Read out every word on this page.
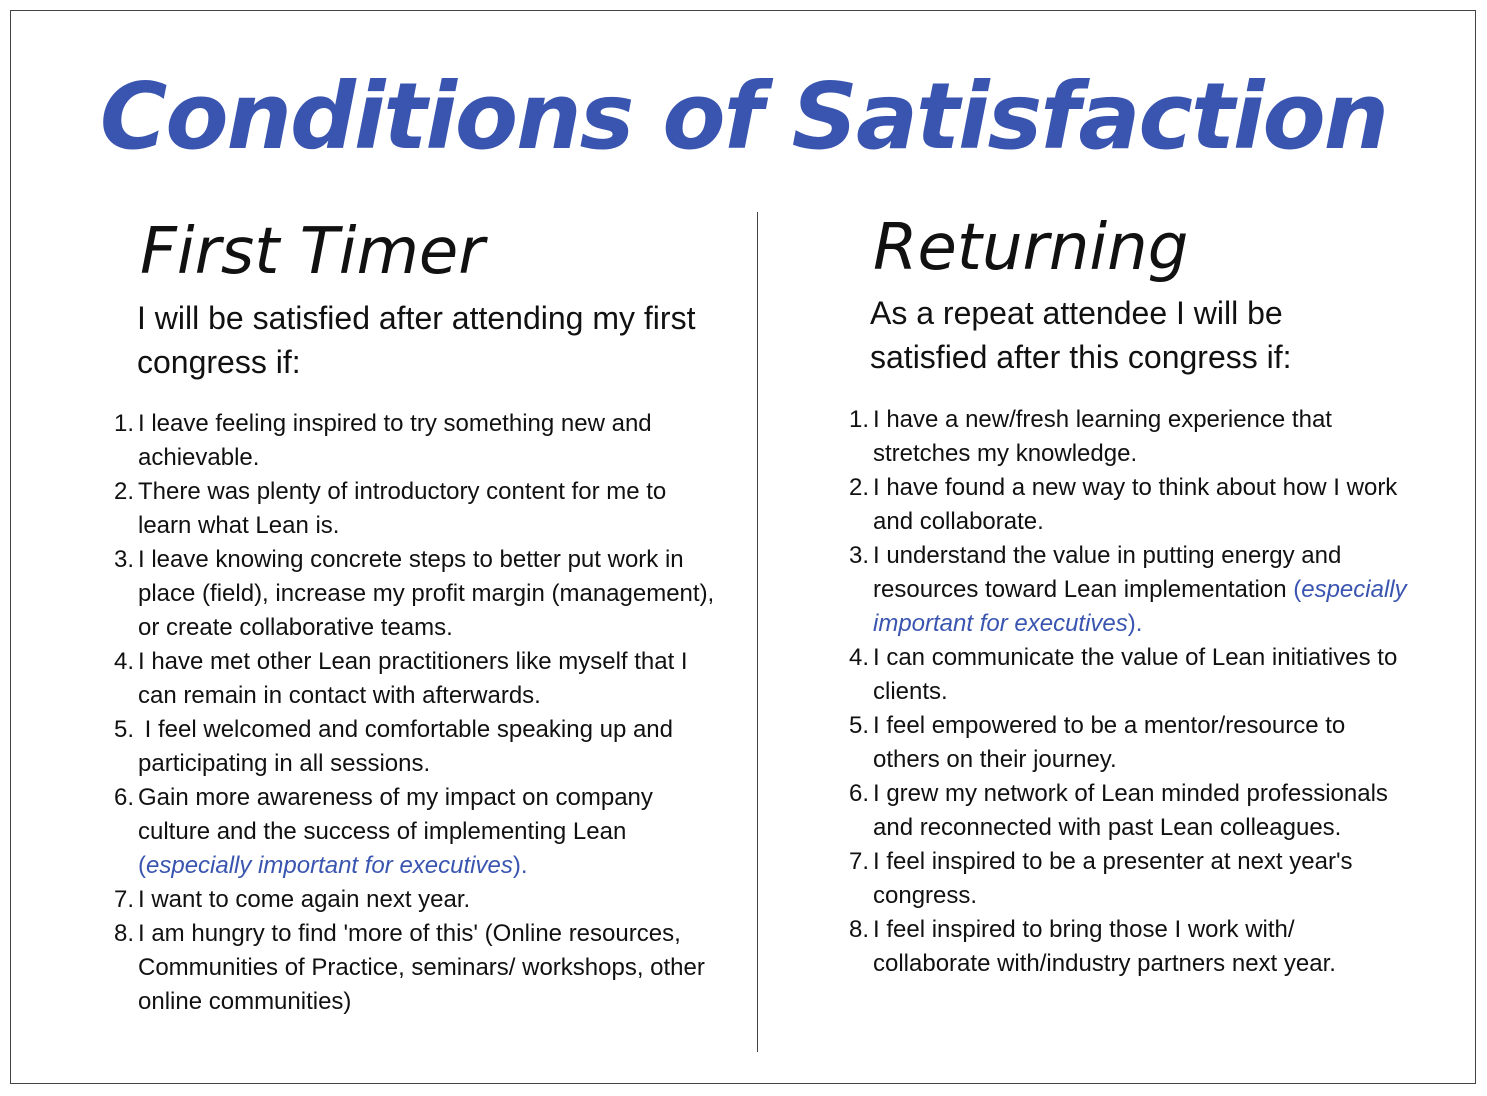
Conditions of Satisfaction
First Timer
I will be satisfied after attending my first congress if:
1. I leave feeling inspired to try something new and achievable.
2. There was plenty of introductory content for me to learn what Lean is.
3. I leave knowing concrete steps to better put work in place (field), increase my profit margin (management), or create collaborative teams.
4. I have met other Lean practitioners like myself that I can remain in contact with afterwards.
5. I feel welcomed and comfortable speaking up and participating in all sessions.
6. Gain more awareness of my impact on company culture and the success of implementing Lean (especially important for executives).
7. I want to come again next year.
8. I am hungry to find 'more of this' (Online resources, Communities of Practice, seminars/ workshops, other online communities)
Returning
As a repeat attendee I will be satisfied after this congress if:
1. I have a new/fresh learning experience that stretches my knowledge.
2. I have found a new way to think about how I work and collaborate.
3. I understand the value in putting energy and resources toward Lean implementation (especially important for executives).
4. I can communicate the value of Lean initiatives to clients.
5. I feel empowered to be a mentor/resource to others on their journey.
6. I grew my network of Lean minded professionals and reconnected with past Lean colleagues.
7. I feel inspired to be a presenter at next year's congress.
8. I feel inspired to bring those I work with/ collaborate with/industry partners next year.
